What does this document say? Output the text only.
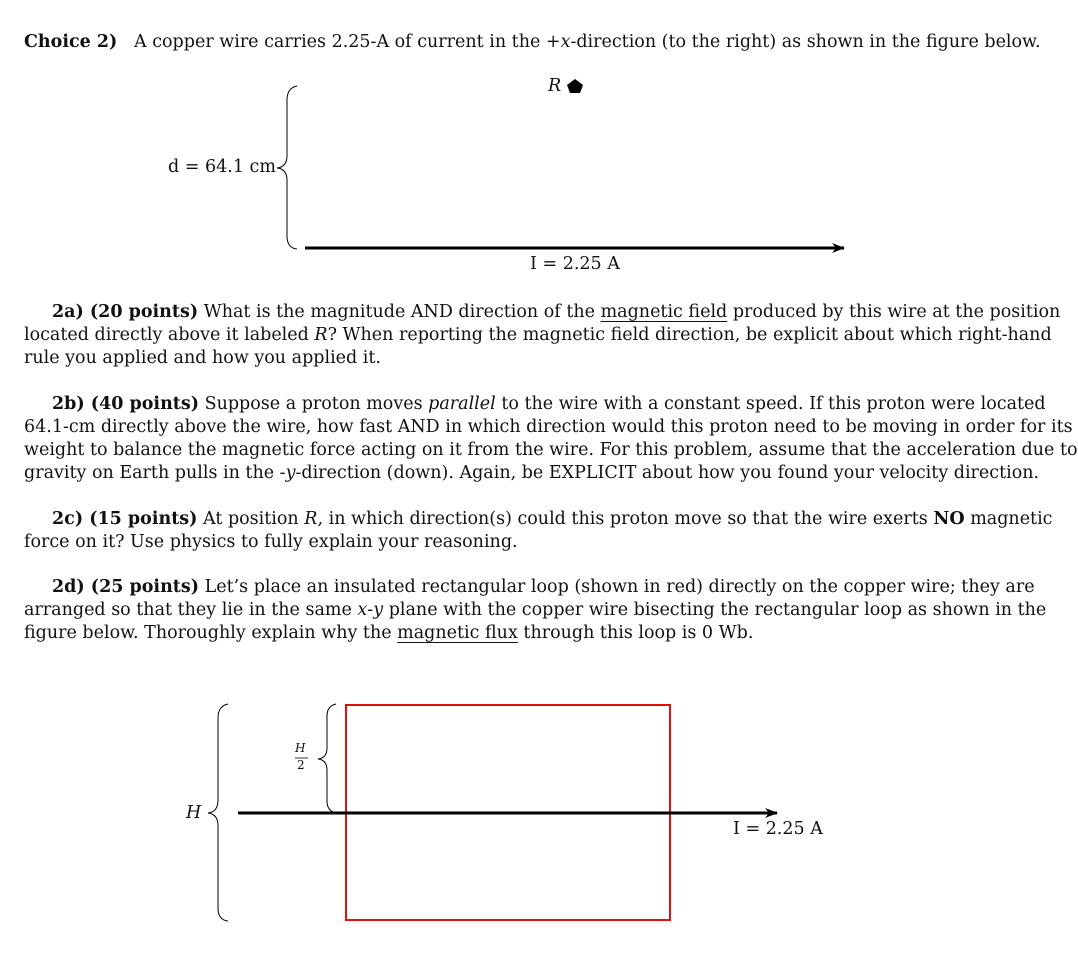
Choice 2) A copper wire carries 2.25-A of current in the +x-direction (to the right) as shown in the figure below.
R
d = 64.1 cm
I = 2.25 A
2a) (20 points) What is the magnitude AND direction of the magnetic field produced by this wire at the position
located directly above it labeled R? When reporting the magnetic field direction, be explicit about which right-hand
rule you applied and how you applied it.
2b) (40 points) Suppose a proton moves parallel to the wire with a constant speed. If this proton were located
64.1-cm directly above the wire, how fast AND in which direction would this proton need to be moving in order for its
weight to balance the magnetic force acting on it from the wire. For this problem, assume that the acceleration due to
gravity on Earth pulls in the -y-direction (down). Again, be EXPLICIT about how you found your velocity direction.
2c) (15 points) At position R, in which direction(s) could this proton move so that the wire exerts NO magnetic
force on it? Use physics to fully explain your reasoning.
2d) (25 points) Let’s place an insulated rectangular loop (shown in red) directly on the copper wire; they are
arranged so that they lie in the same x-y plane with the copper wire bisecting the rectangular loop as shown in the
figure below. Thoroughly explain why the magnetic flux through this loop is 0 Wb.
H
H
2
I = 2.25 A
